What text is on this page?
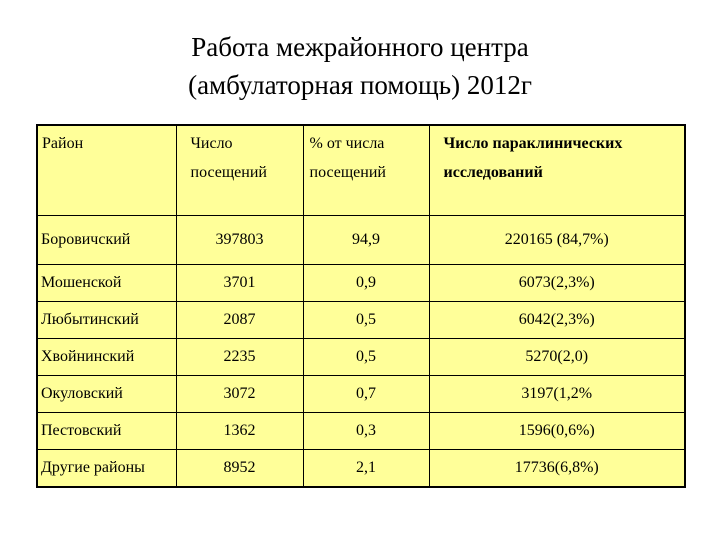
Работа межрайонного центра
(амбулаторная помощь) 2012г
Район	Число посещений	% от числа посещений	Число параклинических исследований
Боровичский	397803	94,9	220165 (84,7%)
Мошенской	3701	0,9	6073(2,3%)
Любытинский	2087	0,5	6042(2,3%)
Хвойнинский	2235	0,5	5270(2,0)
Окуловский	3072	0,7	3197(1,2%
Пестовский	1362	0,3	1596(0,6%)
Другие районы	8952	2,1	17736(6,8%)
